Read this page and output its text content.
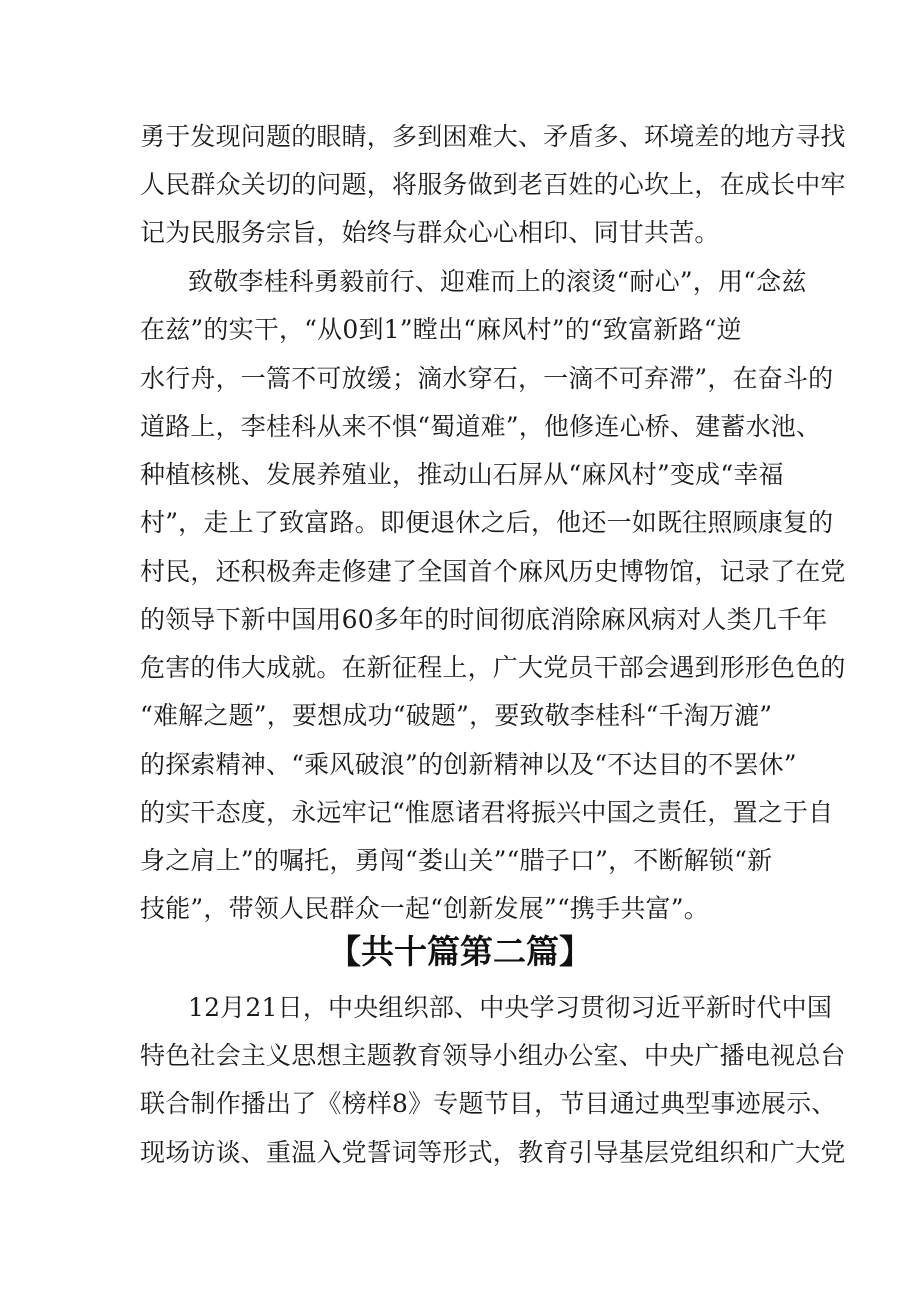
勇于发现问题的眼睛，多到困难大、矛盾多、环境差的地方寻找
人民群众关切的问题，将服务做到老百姓的心坎上，在成长中牢
记为民服务宗旨，始终与群众心心相印、同甘共苦。
致敬李桂科勇毅前行、迎难而上的滚烫“耐心”，用“念兹
在兹”的实干，“从0到1”瞠出“麻风村”的“致富新路“逆
水行舟，一篙不可放缓；滴水穿石，一滴不可弃滞”，在奋斗的
道路上，李桂科从来不惧“蜀道难”，他修连心桥、建蓄水池、
种植核桃、发展养殖业，推动山石屏从“麻风村”变成“幸福
村”，走上了致富路。即便退休之后，他还一如既往照顾康复的
村民，还积极奔走修建了全国首个麻风历史博物馆，记录了在党
的领导下新中国用60多年的时间彻底消除麻风病对人类几千年
危害的伟大成就。在新征程上，广大党员干部会遇到形形色色的
“难解之题”，要想成功“破题”，要致敬李桂科“千淘万漉”
的探索精神、“乘风破浪”的创新精神以及“不达目的不罢休”
的实干态度，永远牢记“惟愿诸君将振兴中国之责任，置之于自
身之肩上”的嘱托，勇闯“娄山关”“腊子口”，不断解锁“新
技能”，带领人民群众一起“创新发展”“携手共富”。
【共十篇第二篇】
12月21日，中央组织部、中央学习贯彻习近平新时代中国
特色社会主义思想主题教育领导小组办公室、中央广播电视总台
联合制作播出了《榜样8》专题节目，节目通过典型事迹展示、
现场访谈、重温入党誓词等形式，教育引导基层党组织和广大党
